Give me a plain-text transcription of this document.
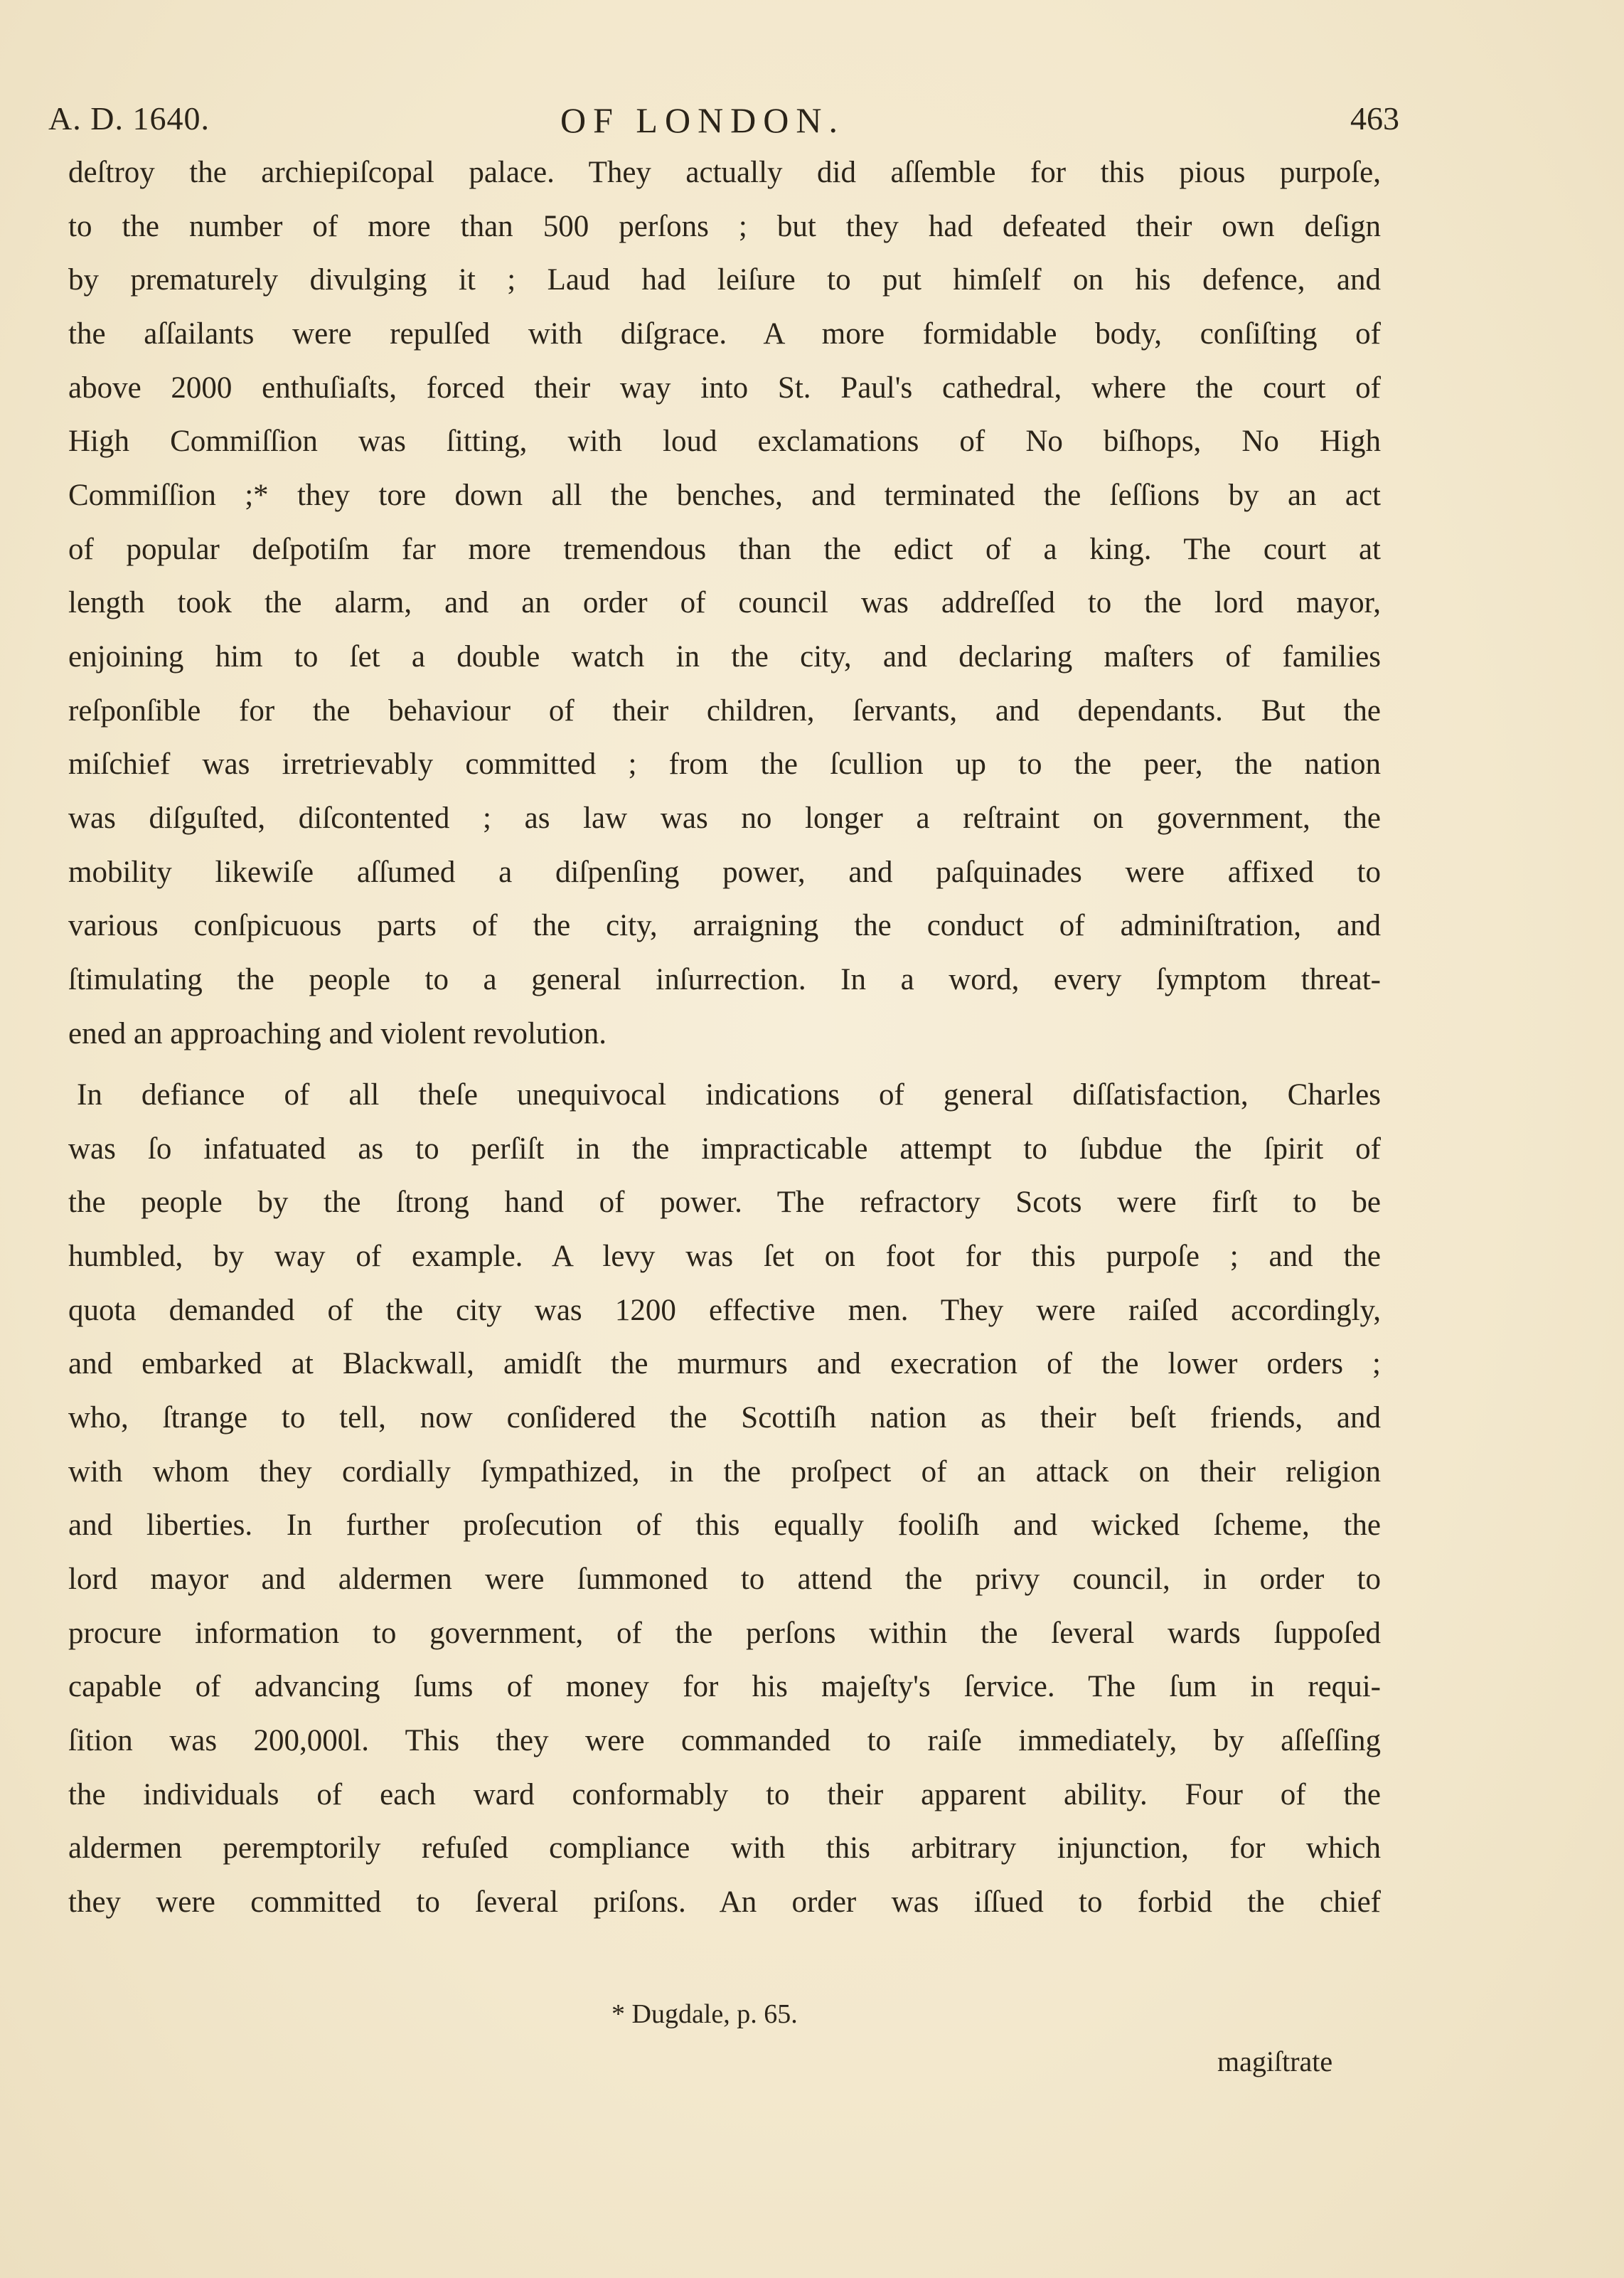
A. D. 1640.	OF LONDON.	463
deſtroy the archiepiſcopal palace. They actually did aſſemble for this pious purpoſe,
to the number of more than 500 perſons ; but they had defeated their own deſign
by prematurely divulging it ; Laud had leiſure to put himſelf on his defence, and
the aſſailants were repulſed with diſgrace. A more formidable body, conſiſting of
above 2000 enthuſiaſts, forced their way into St. Paul's cathedral, where the court of
High Commiſſion was ſitting, with loud exclamations of No biſhops, No High
Commiſſion ;* they tore down all the benches, and terminated the ſeſſions by an act
of popular deſpotiſm far more tremendous than the edict of a king. The court at
length took the alarm, and an order of council was addreſſed to the lord mayor,
enjoining him to ſet a double watch in the city, and declaring maſters of families
reſponſible for the behaviour of their children, ſervants, and dependants. But the
miſchief was irretrievably committed ; from the ſcullion up to the peer, the nation
was diſguſted, diſcontented ; as law was no longer a reſtraint on government, the
mobility likewiſe aſſumed a diſpenſing power, and paſquinades were affixed to
various conſpicuous parts of the city, arraigning the conduct of adminiſtration, and
ſtimulating the people to a general inſurrection. In a word, every ſymptom threat-
ened an approaching and violent revolution.
In defiance of all theſe unequivocal indications of general diſſatisfaction, Charles
was ſo infatuated as to perſiſt in the impracticable attempt to ſubdue the ſpirit of
the people by the ſtrong hand of power. The refractory Scots were firſt to be
humbled, by way of example. A levy was ſet on foot for this purpoſe ; and the
quota demanded of the city was 1200 effective men. They were raiſed accordingly,
and embarked at Blackwall, amidſt the murmurs and execration of the lower orders ;
who, ſtrange to tell, now conſidered the Scottiſh nation as their beſt friends, and
with whom they cordially ſympathized, in the proſpect of an attack on their religion
and liberties. In further proſecution of this equally fooliſh and wicked ſcheme, the
lord mayor and aldermen were ſummoned to attend the privy council, in order to
procure information to government, of the perſons within the ſeveral wards ſuppoſed
capable of advancing ſums of money for his majeſty's ſervice. The ſum in requi-
ſition was 200,000l. This they were commanded to raiſe immediately, by aſſeſſing
the individuals of each ward conformably to their apparent ability. Four of the
aldermen peremptorily refuſed compliance with this arbitrary injunction, for which
they were committed to ſeveral priſons. An order was iſſued to forbid the chief
* Dugdale, p. 65.
magiſtrate
